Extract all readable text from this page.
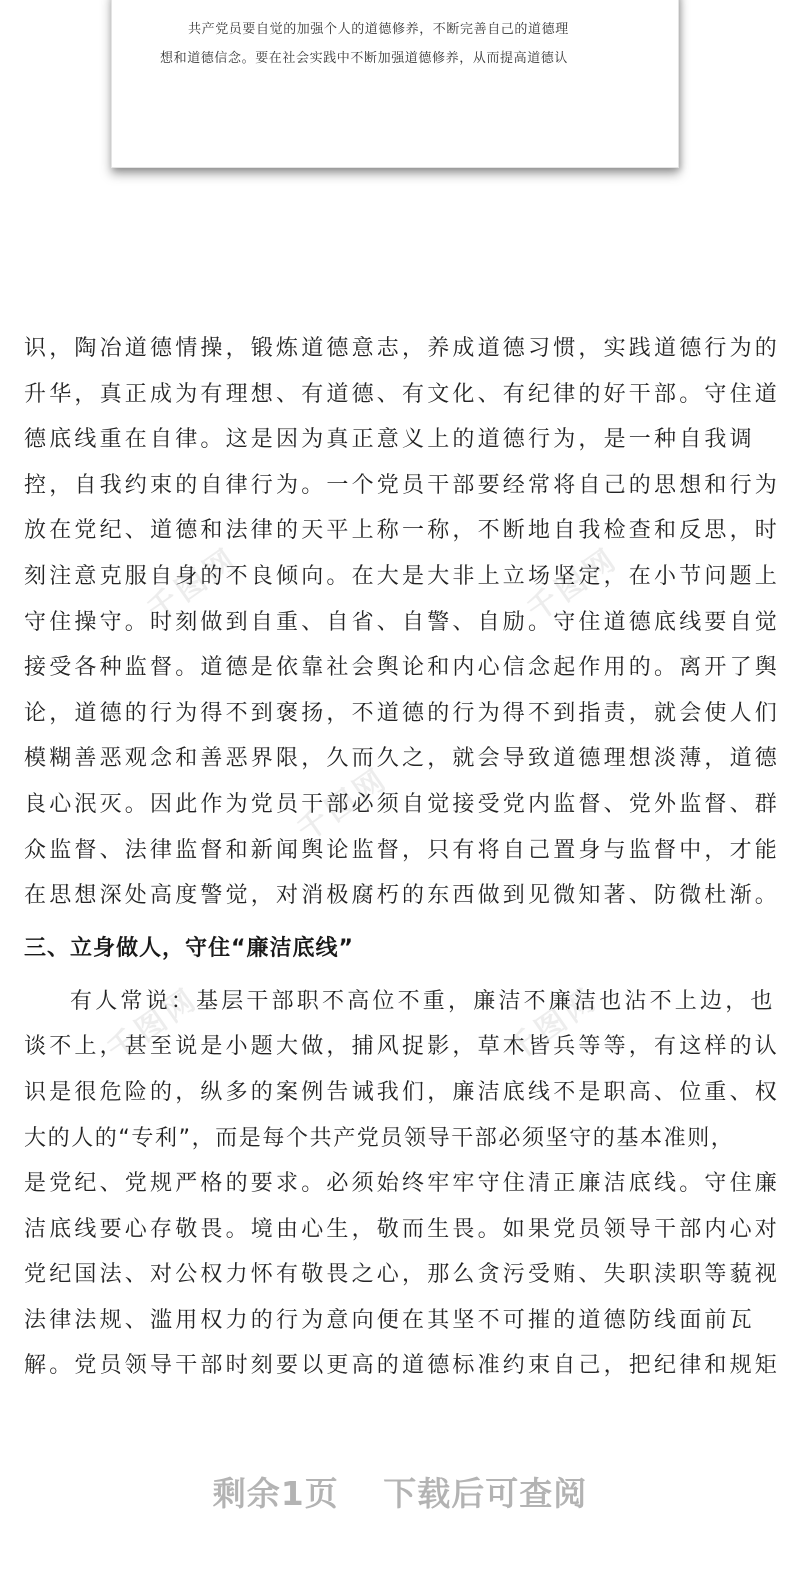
共产党员要自觉的加强个人的道德修养，不断完善自己的道德理
想和道德信念。要在社会实践中不断加强道德修养，从而提高道德认
千图网	千图网
千图网
千图网	千图网
识，陶冶道德情操，锻炼道德意志，养成道德习惯，实践道德行为的
升华，真正成为有理想、有道德、有文化、有纪律的好干部。守住道
德底线重在自律。这是因为真正意义上的道德行为，是一种自我调
控，自我约束的自律行为。一个党员干部要经常将自己的思想和行为
放在党纪、道德和法律的天平上称一称，不断地自我检查和反思，时
刻注意克服自身的不良倾向。在大是大非上立场坚定，在小节问题上
守住操守。时刻做到自重、自省、自警、自励。守住道德底线要自觉
接受各种监督。道德是依靠社会舆论和内心信念起作用的。离开了舆
论，道德的行为得不到褒扬，不道德的行为得不到指责，就会使人们
模糊善恶观念和善恶界限，久而久之，就会导致道德理想淡薄，道德
良心泯灭。因此作为党员干部必须自觉接受党内监督、党外监督、群
众监督、法律监督和新闻舆论监督，只有将自己置身与监督中，才能
在思想深处高度警觉，对消极腐朽的东西做到见微知著、防微杜渐。
三、立身做人，守住“廉洁底线”
有人常说：基层干部职不高位不重，廉洁不廉洁也沾不上边，也
谈不上，甚至说是小题大做，捕风捉影，草木皆兵等等，有这样的认
识是很危险的，纵多的案例告诫我们，廉洁底线不是职高、位重、权
大的人的“专利”，而是每个共产党员领导干部必须坚守的基本准则，
是党纪、党规严格的要求。必须始终牢牢守住清正廉洁底线。守住廉
洁底线要心存敬畏。境由心生，敬而生畏。如果党员领导干部内心对
党纪国法、对公权力怀有敬畏之心，那么贪污受贿、失职渎职等藐视
法律法规、滥用权力的行为意向便在其坚不可摧的道德防线面前瓦
解。党员领导干部时刻要以更高的道德标准约束自己，把纪律和规矩
剩余1页 下载后可查阅
